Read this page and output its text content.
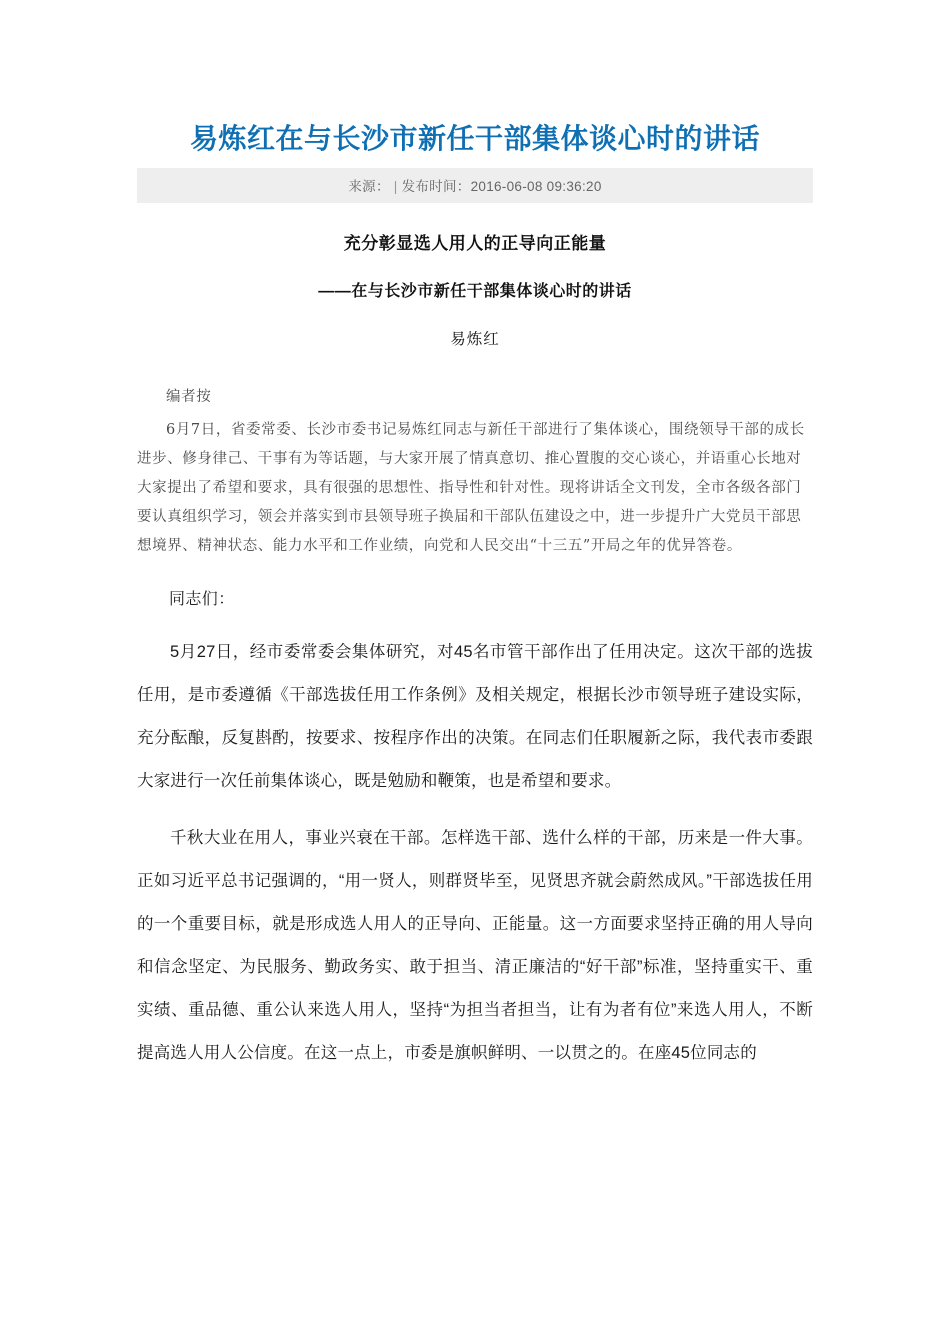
易炼红在与长沙市新任干部集体谈心时的讲话
来源： | 发布时间：2016-06-08 09:36:20
充分彰显选人用人的正导向正能量
——在与长沙市新任干部集体谈心时的讲话
易炼红
编者按
6月7日，省委常委、长沙市委书记易炼红同志与新任干部进行了集体谈心，围绕领导干部的成长进步、修身律己、干事有为等话题，与大家开展了情真意切、推心置腹的交心谈心，并语重心长地对大家提出了希望和要求，具有很强的思想性、指导性和针对性。现将讲话全文刊发，全市各级各部门要认真组织学习，领会并落实到市县领导班子换届和干部队伍建设之中，进一步提升广大党员干部思想境界、精神状态、能力水平和工作业绩，向党和人民交出“十三五”开局之年的优异答卷。
同志们：

5月27日，经市委常委会集体研究，对45名市管干部作出了任用决定。这次干部的选拔任用，是市委遵循《干部选拔任用工作条例》及相关规定，根据长沙市领导班子建设实际，充分酝酿，反复斟酌，按要求、按程序作出的决策。在同志们任职履新之际，我代表市委跟大家进行一次任前集体谈心，既是勉励和鞭策，也是希望和要求。

千秋大业在用人，事业兴衰在干部。怎样选干部、选什么样的干部，历来是一件大事。正如习近平总书记强调的，“用一贤人，则群贤毕至，见贤思齐就会蔚然成风。”干部选拔任用的一个重要目标，就是形成选人用人的正导向、正能量。这一方面要求坚持正确的用人导向和信念坚定、为民服务、勤政务实、敢于担当、清正廉洁的“好干部”标准，坚持重实干、重实绩、重品德、重公认来选人用人，坚持“为担当者担当，让有为者有位”来选人用人，不断提高选人用人公信度。在这一点上，市委是旗帜鲜明、一以贯之的。在座45位同志的
